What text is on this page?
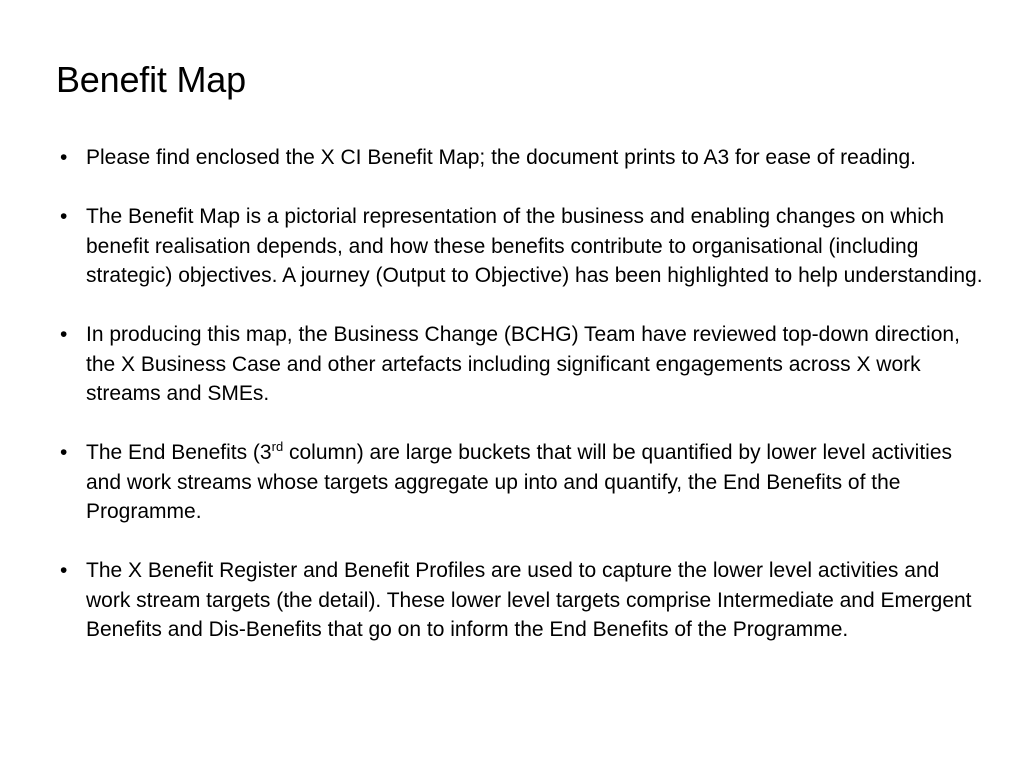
Benefit Map
• Please find enclosed the X CI Benefit Map; the document prints to A3 for ease of reading.
• The Benefit Map is a pictorial representation of the business and enabling changes on which benefit realisation depends, and how these benefits contribute to organisational (including strategic) objectives. A journey (Output to Objective) has been highlighted to help understanding.
• In producing this map, the Business Change (BCHG) Team have reviewed top-down direction, the X Business Case and other artefacts including significant engagements across X work streams and SMEs.
• The End Benefits (3rd column) are large buckets that will be quantified by lower level activities and work streams whose targets aggregate up into and quantify, the End Benefits of the Programme.
• The X Benefit Register and Benefit Profiles are used to capture the lower level activities and work stream targets (the detail). These lower level targets comprise Intermediate and Emergent Benefits and Dis-Benefits that go on to inform the End Benefits of the Programme.
